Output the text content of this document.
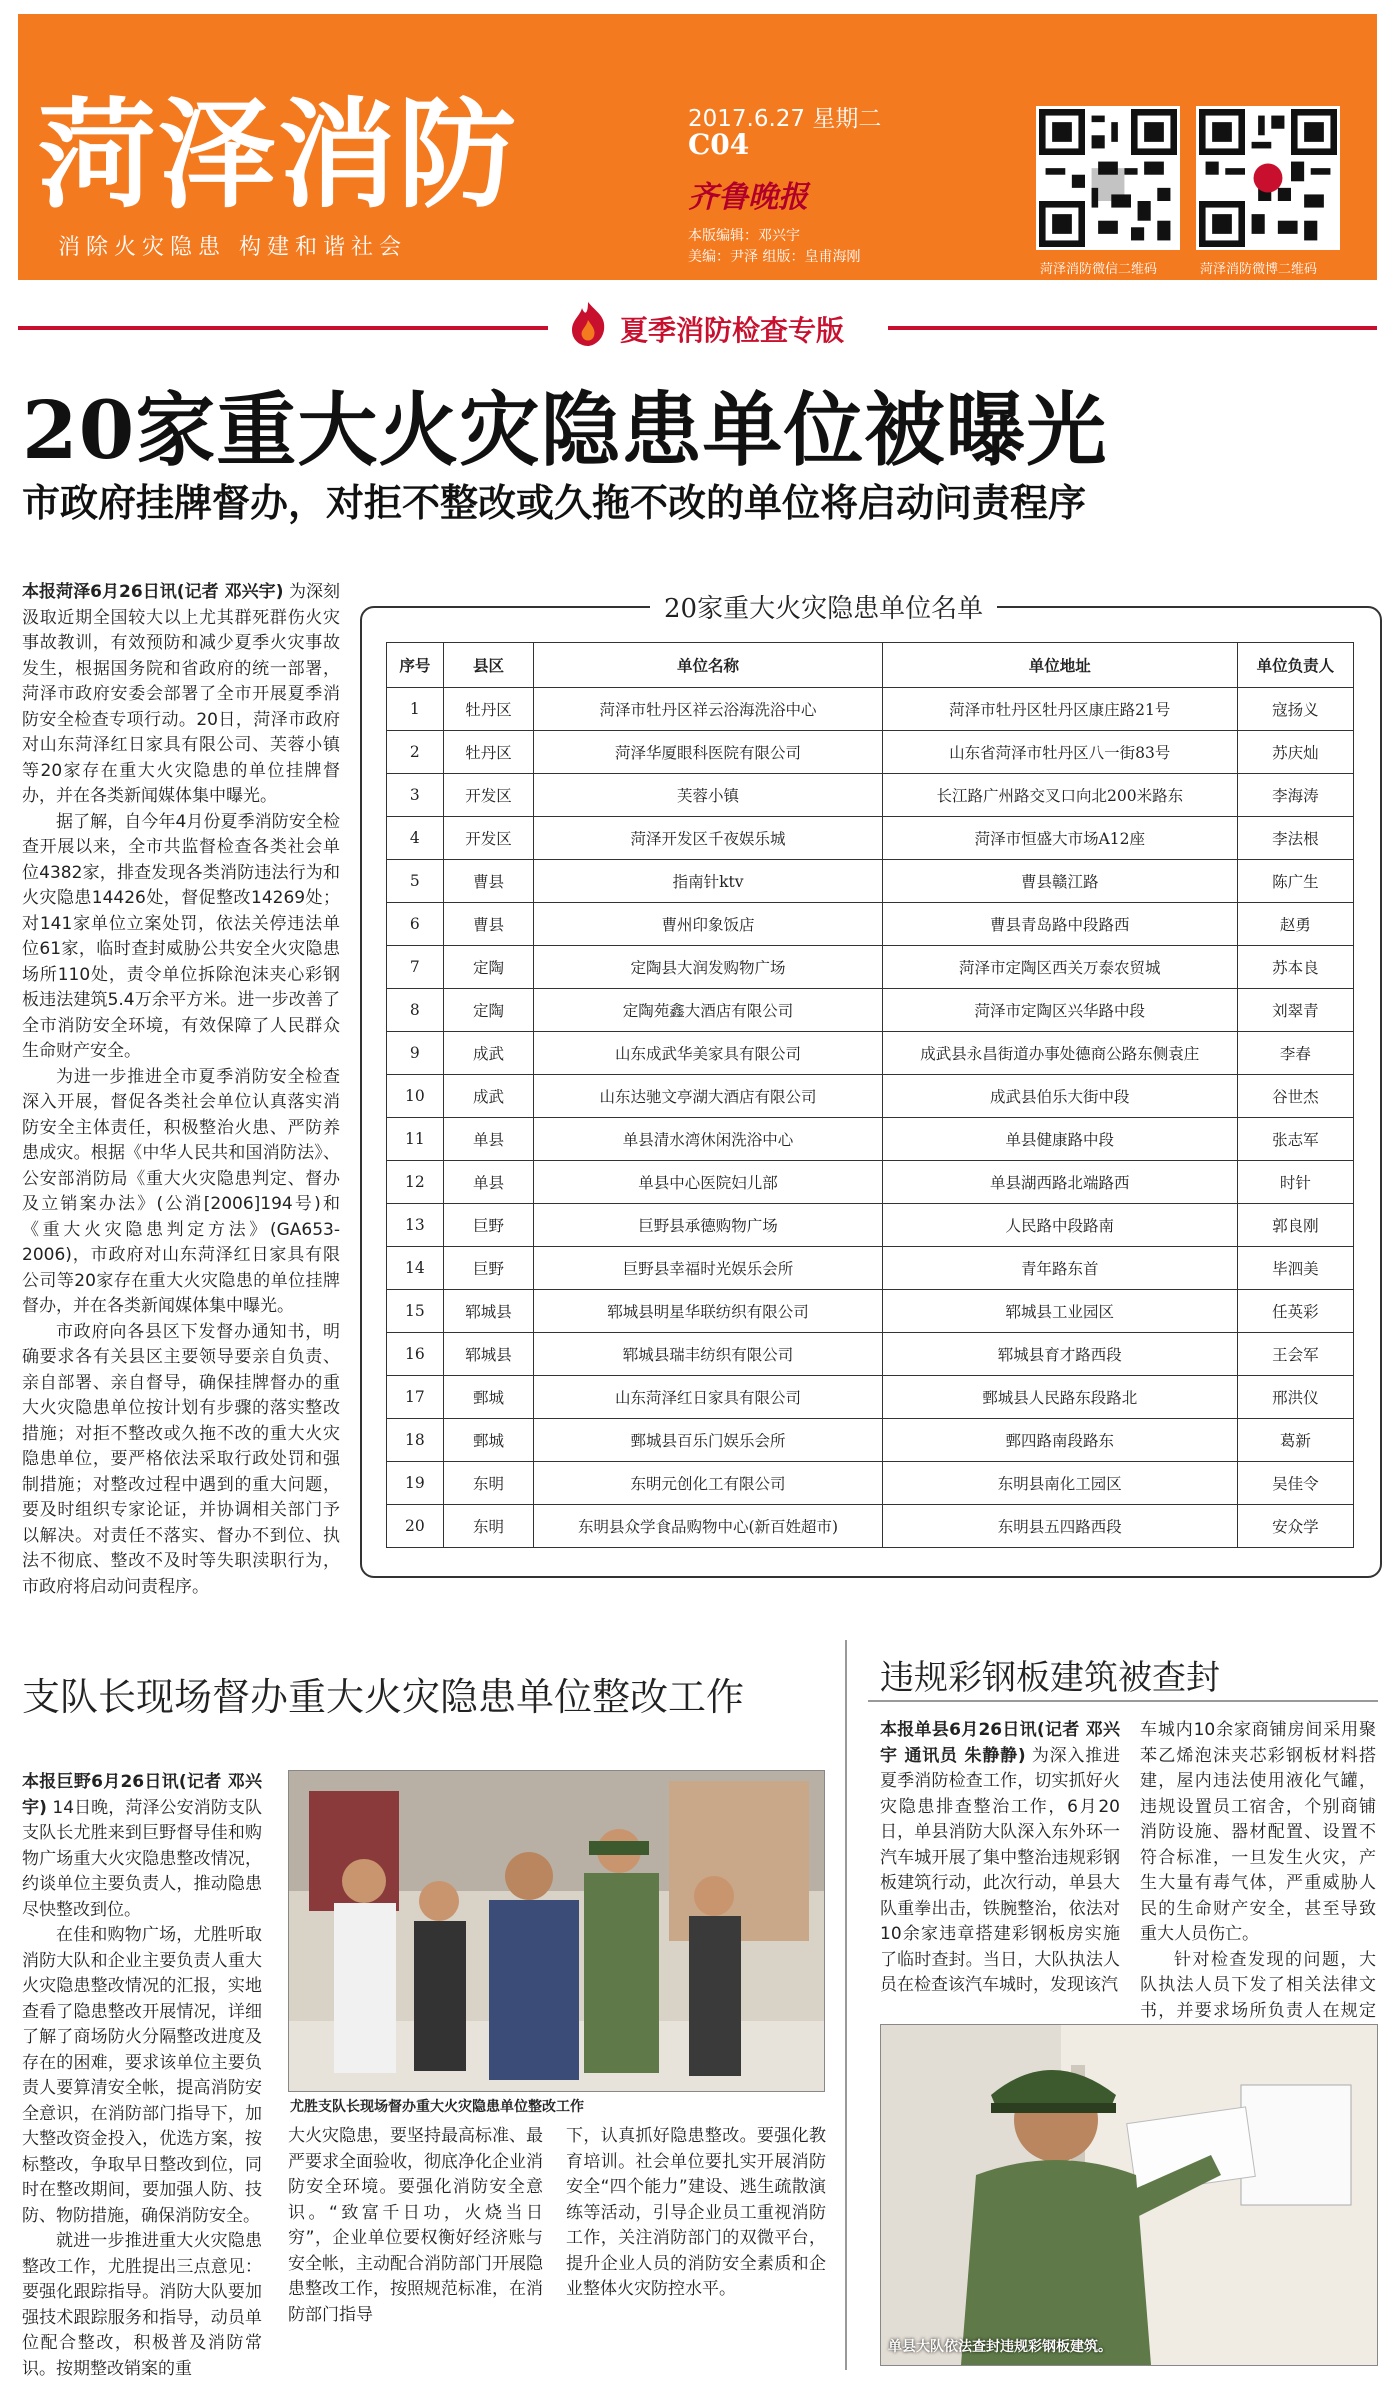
菏泽消防
消除火灾隐患 构建和谐社会
2017.6.27 星期二
C04
齐鲁晚报
本版编辑：邓兴宇
美编：尹泽 组版：皇甫海刚
菏泽消防微信二维码	菏泽消防微博二维码
夏季消防检查专版
20家重大火灾隐患单位被曝光
市政府挂牌督办，对拒不整改或久拖不改的单位将启动问责程序

本报菏泽6月26日讯(记者 邓兴宇) 为深刻汲取近期全国较大以上尤其群死群伤火灾事故教训，有效预防和减少夏季火灾事故发生，根据国务院和省政府的统一部署，菏泽市政府安委会部署了全市开展夏季消防安全检查专项行动。20日，菏泽市政府对山东菏泽红日家具有限公司、芙蓉小镇等20家存在重大火灾隐患的单位挂牌督办，并在各类新闻媒体集中曝光。

据了解，自今年4月份夏季消防安全检查开展以来，全市共监督检查各类社会单位4382家，排查发现各类消防违法行为和火灾隐患14426处，督促整改14269处；对141家单位立案处罚，依法关停违法单位61家，临时查封威胁公共安全火灾隐患场所110处，责令单位拆除泡沫夹心彩钢板违法建筑5.4万余平方米。进一步改善了全市消防安全环境，有效保障了人民群众生命财产安全。

为进一步推进全市夏季消防安全检查深入开展，督促各类社会单位认真落实消防安全主体责任，积极整治火患、严防养患成灾。根据《中华人民共和国消防法》、公安部消防局《重大火灾隐患判定、督办及立销案办法》(公消[2006]194号)和《重大火灾隐患判定方法》(GA653-2006)，市政府对山东菏泽红日家具有限公司等20家存在重大火灾隐患的单位挂牌督办，并在各类新闻媒体集中曝光。

市政府向各县区下发督办通知书，明确要求各有关县区主要领导要亲自负责、亲自部署、亲自督导，确保挂牌督办的重大火灾隐患单位按计划有步骤的落实整改措施；对拒不整改或久拖不改的重大火灾隐患单位，要严格依法采取行政处罚和强制措施；对整改过程中遇到的重大问题，要及时组织专家论证，并协调相关部门予以解决。对责任不落实、督办不到位、执法不彻底、整改不及时等失职渎职行为，市政府将启动问责程序。

20家重大火灾隐患单位名单
序号	县区	单位名称	单位地址	单位负责人
1	牡丹区	菏泽市牡丹区祥云浴海洗浴中心	菏泽市牡丹区牡丹区康庄路21号	寇扬义
2	牡丹区	菏泽华厦眼科医院有限公司	山东省菏泽市牡丹区八一街83号	苏庆灿
3	开发区	芙蓉小镇	长江路广州路交叉口向北200米路东	李海涛
4	开发区	菏泽开发区千夜娱乐城	菏泽市恒盛大市场A12座	李法根
5	曹县	指南针ktv	曹县赣江路	陈广生
6	曹县	曹州印象饭店	曹县青岛路中段路西	赵勇
7	定陶	定陶县大润发购物广场	菏泽市定陶区西关万泰农贸城	苏本良
8	定陶	定陶苑鑫大酒店有限公司	菏泽市定陶区兴华路中段	刘翠青
9	成武	山东成武华美家具有限公司	成武县永昌街道办事处德商公路东侧袁庄	李春
10	成武	山东达驰文亭湖大酒店有限公司	成武县伯乐大街中段	谷世杰
11	单县	单县清水湾休闲洗浴中心	单县健康路中段	张志军
12	单县	单县中心医院妇儿部	单县湖西路北端路西	时针
13	巨野	巨野县承德购物广场	人民路中段路南	郭良刚
14	巨野	巨野县幸福时光娱乐会所	青年路东首	毕泗美
15	郓城县	郓城县明星华联纺织有限公司	郓城县工业园区	任英彩
16	郓城县	郓城县瑞丰纺织有限公司	郓城县育才路西段	王会军
17	鄄城	山东菏泽红日家具有限公司	鄄城县人民路东段路北	邢洪仪
18	鄄城	鄄城县百乐门娱乐会所	鄄四路南段路东	葛新
19	东明	东明元创化工有限公司	东明县南化工园区	吴佳令
20	东明	东明县众学食品购物中心(新百姓超市)	东明县五四路西段	安众学
支队长现场督办重大火灾隐患单位整改工作

本报巨野6月26日讯(记者 邓兴宇) 14日晚，菏泽公安消防支队支队长尤胜来到巨野督导佳和购物广场重大火灾隐患整改情况，约谈单位主要负责人，推动隐患尽快整改到位。

在佳和购物广场，尤胜听取消防大队和企业主要负责人重大火灾隐患整改情况的汇报，实地查看了隐患整改开展情况，详细了解了商场防火分隔整改进度及存在的困难，要求该单位主要负责人要算清安全帐，提高消防安全意识，在消防部门指导下，加大整改资金投入，优选方案，按标整改，争取早日整改到位，同时在整改期间，要加强人防、技防、物防措施，确保消防安全。

就进一步推进重大火灾隐患整改工作，尤胜提出三点意见：要强化跟踪指导。消防大队要加强技术跟踪服务和指导，动员单位配合整改，积极普及消防常识。按期整改销案的重

尤胜支队长现场督办重大火灾隐患单位整改工作

大火灾隐患，要坚持最高标准、最严要求全面验收，彻底净化企业消防安全环境。要强化消防安全意识。“致富千日功，火烧当日穷”，企业单位要权衡好经济账与安全帐，主动配合消防部门开展隐患整改工作，按照规范标准，在消防部门指导

下，认真抓好隐患整改。要强化教育培训。社会单位要扎实开展消防安全“四个能力”建设、逃生疏散演练等活动，引导企业员工重视消防工作，关注消防部门的双微平台，提升企业人员的消防安全素质和企业整体火灾防控水平。

违规彩钢板建筑被查封

本报单县6月26日讯(记者 邓兴宇 通讯员 朱静静) 为深入推进夏季消防检查工作，切实抓好火灾隐患排查整治工作，6月20日，单县消防大队深入东外环一汽车城开展了集中整治违规彩钢板建筑行动，此次行动，单县大队重拳出击，铁腕整治，依法对10余家违章搭建彩钢板房实施了临时查封。当日，大队执法人员在检查该汽车城时，发现该汽

车城内10余家商铺房间采用聚苯乙烯泡沫夹芯彩钢板材料搭建，屋内违法使用液化气罐，违规设置员工宿舍，个别商铺消防设施、器材配置、设置不符合标准，一旦发生火灾，产生大量有毒气体，严重威胁人民的生命财产安全，甚至导致重大人员伤亡。

针对检查发现的问题，大队执法人员下发了相关法律文书，并要求场所负责人在规定

单县大队依法查封违规彩钢板建筑。
